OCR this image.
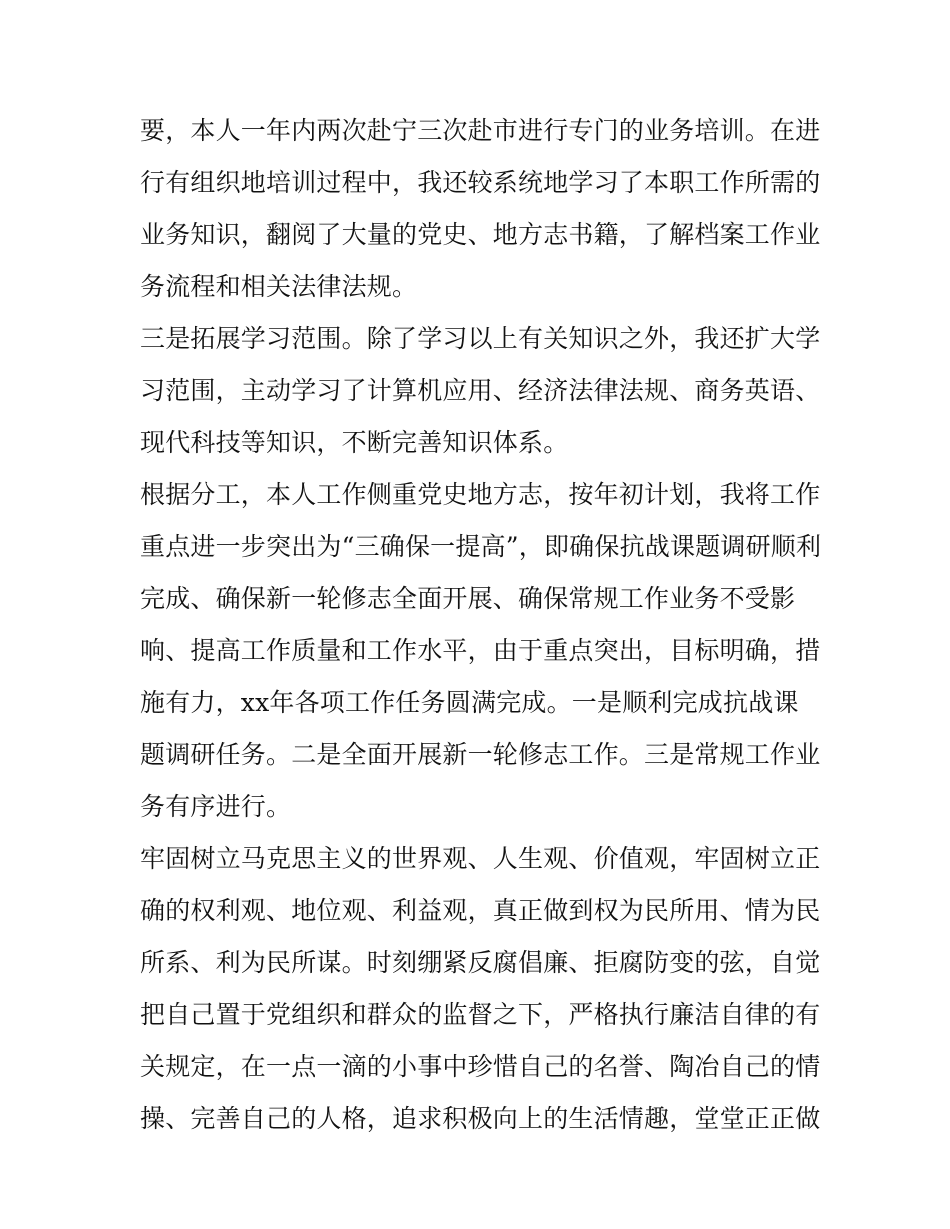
要，本人一年内两次赴宁三次赴市进行专门的业务培训。在进
行有组织地培训过程中，我还较系统地学习了本职工作所需的
业务知识，翻阅了大量的党史、地方志书籍，了解档案工作业
务流程和相关法律法规。
三是拓展学习范围。除了学习以上有关知识之外，我还扩大学
习范围，主动学习了计算机应用、经济法律法规、商务英语、
现代科技等知识，不断完善知识体系。
根据分工，本人工作侧重党史地方志，按年初计划，我将工作
重点进一步突出为“三确保一提高”，即确保抗战课题调研顺利
完成、确保新一轮修志全面开展、确保常规工作业务不受影
响、提高工作质量和工作水平，由于重点突出，目标明确，措
施有力，xx年各项工作任务圆满完成。一是顺利完成抗战课
题调研任务。二是全面开展新一轮修志工作。三是常规工作业
务有序进行。
牢固树立马克思主义的世界观、人生观、价值观，牢固树立正
确的权利观、地位观、利益观，真正做到权为民所用、情为民
所系、利为民所谋。时刻绷紧反腐倡廉、拒腐防变的弦，自觉
把自己置于党组织和群众的监督之下，严格执行廉洁自律的有
关规定，在一点一滴的小事中珍惜自己的名誉、陶冶自己的情
操、完善自己的人格，追求积极向上的生活情趣，堂堂正正做
